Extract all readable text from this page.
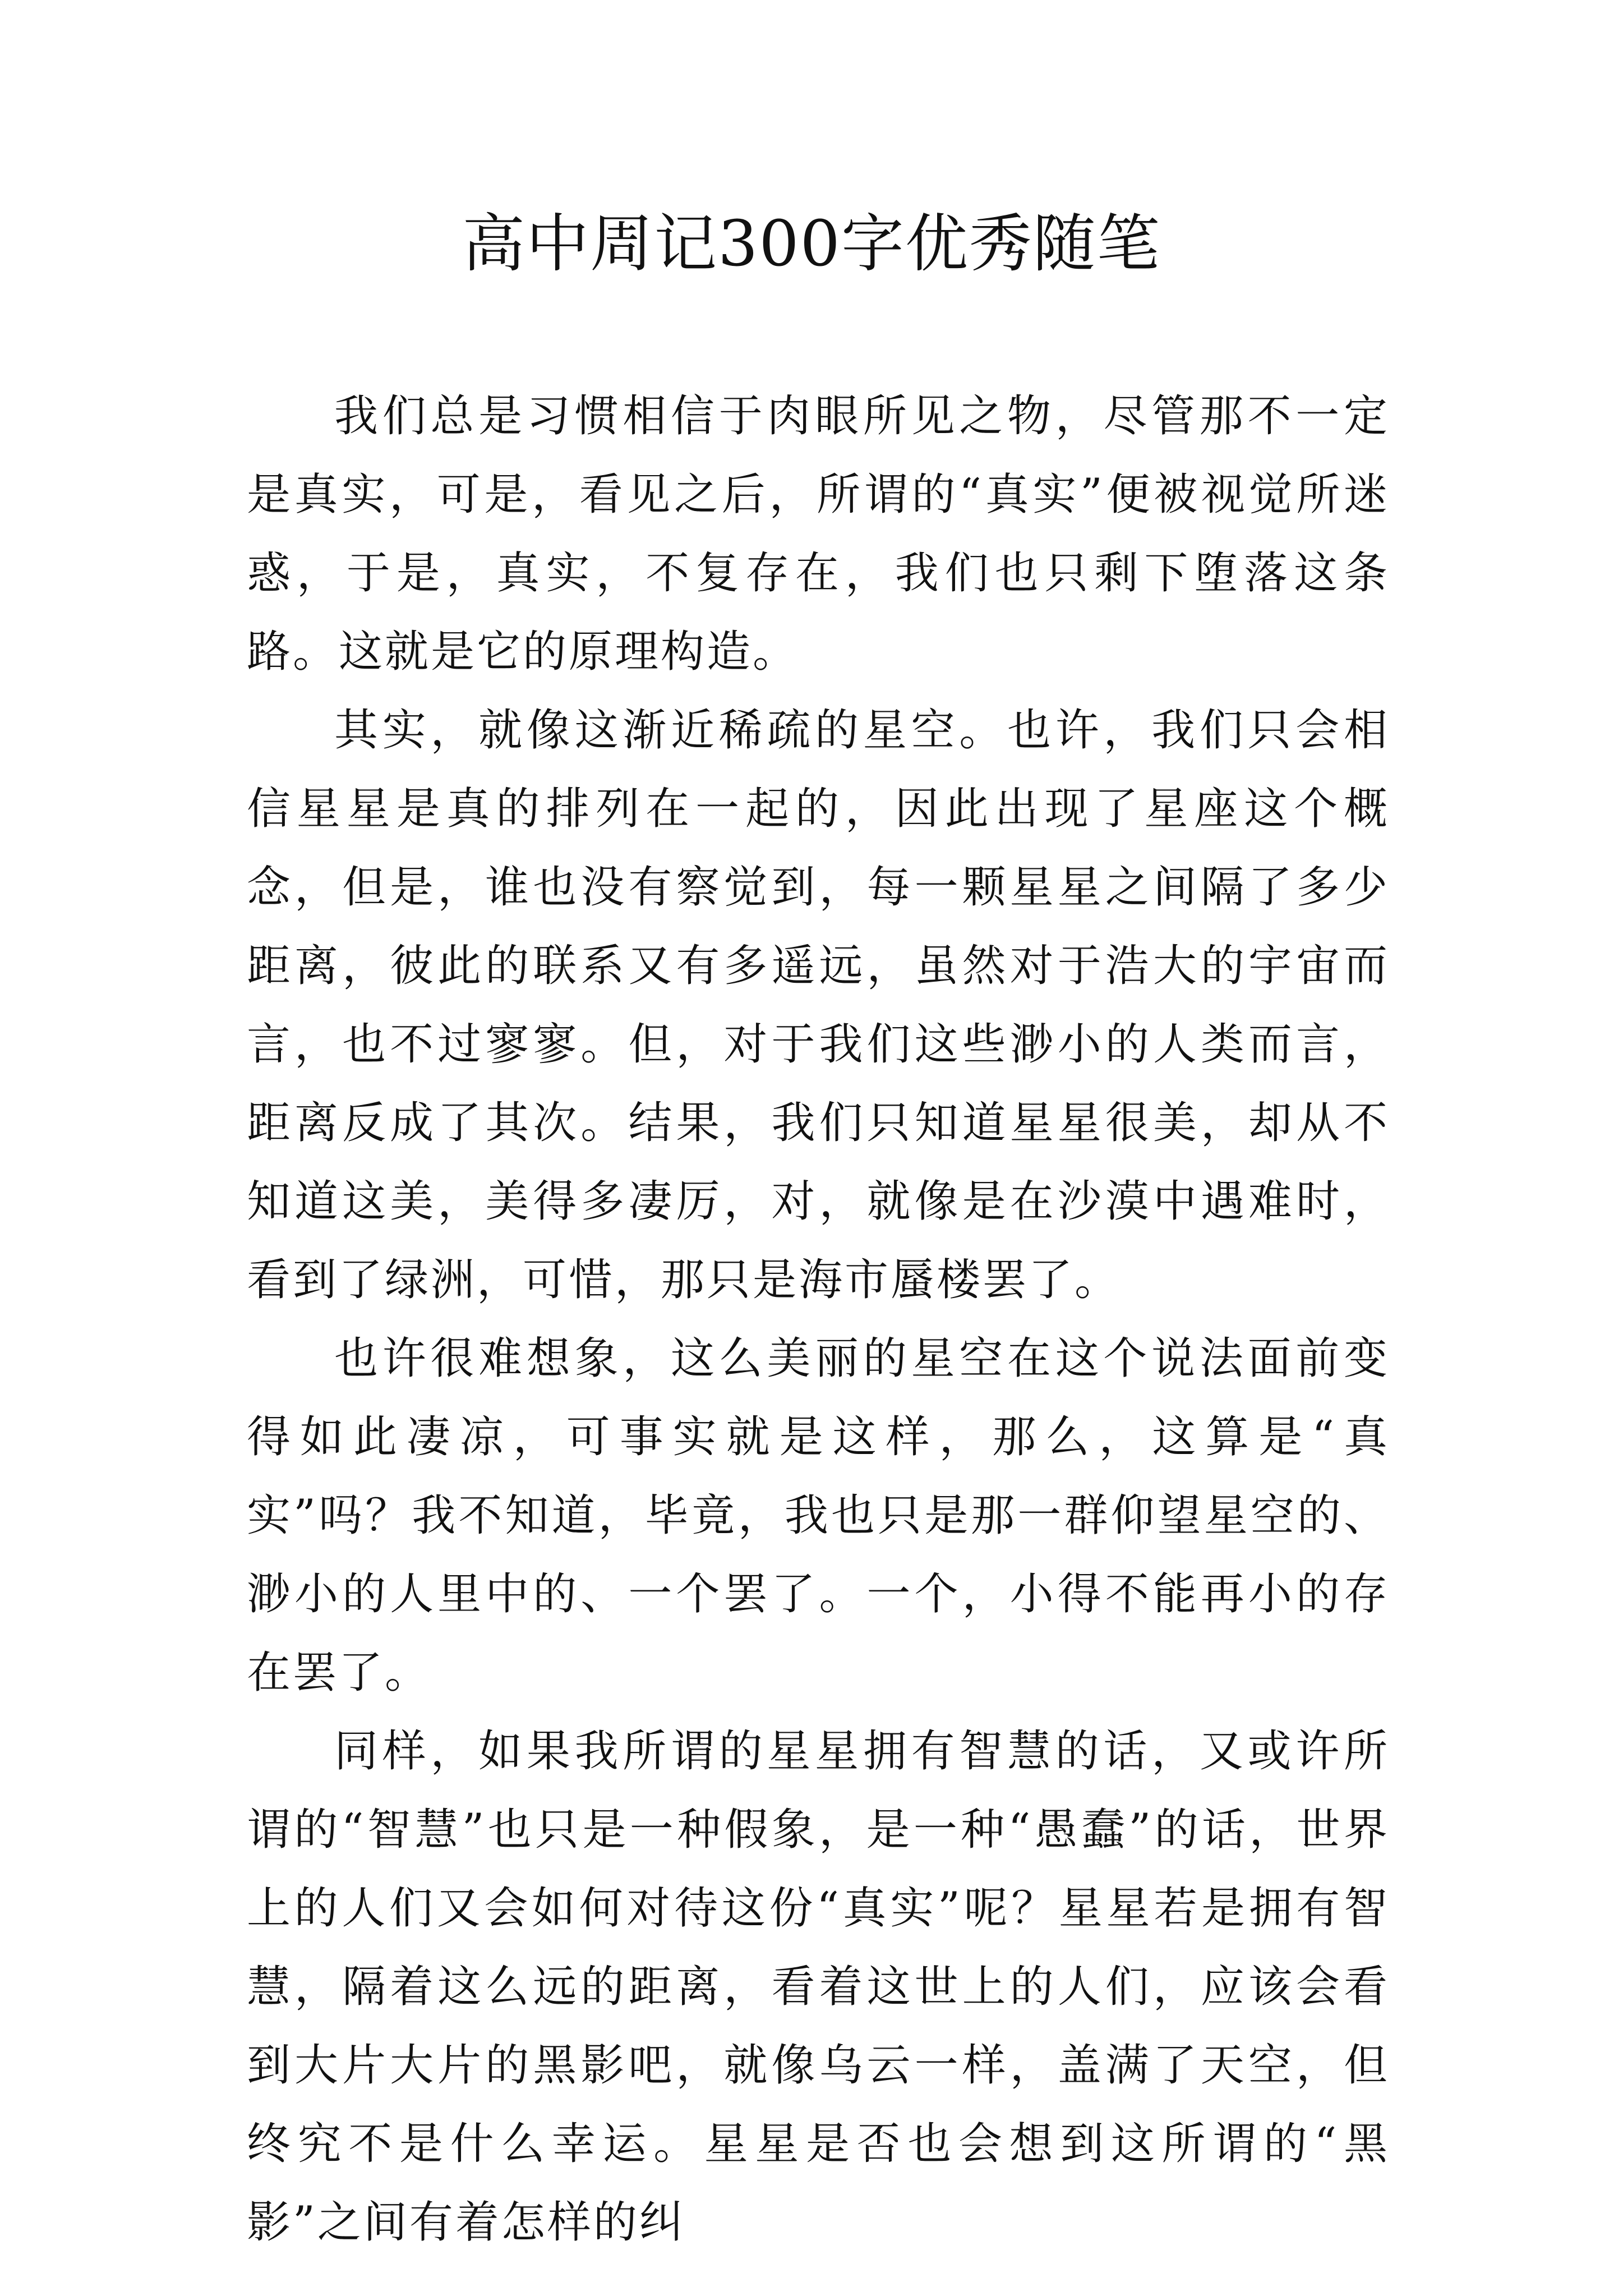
高中周记300字优秀随笔

我们总是习惯相信于肉眼所见之物，尽管那不一定是真实，可是，看见之后，所谓的“真实”便被视觉所迷惑，于是，真实，不复存在，我们也只剩下堕落这条路。这就是它的原理构造。

其实，就像这渐近稀疏的星空。也许，我们只会相信星星是真的排列在一起的，因此出现了星座这个概念，但是，谁也没有察觉到，每一颗星星之间隔了多少距离，彼此的联系又有多遥远，虽然对于浩大的宇宙而言，也不过寥寥。但，对于我们这些渺小的人类而言，距离反成了其次。结果，我们只知道星星很美，却从不知道这美，美得多凄厉，对，就像是在沙漠中遇难时，看到了绿洲，可惜，那只是海市蜃楼罢了。

也许很难想象，这么美丽的星空在这个说法面前变得如此凄凉，可事实就是这样，那么，这算是“真实”吗？我不知道，毕竟，我也只是那一群仰望星空的、渺小的人里中的、一个罢了。一个，小得不能再小的存在罢了。

同样，如果我所谓的星星拥有智慧的话，又或许所谓的“智慧”也只是一种假象，是一种“愚蠢”的话，世界上的人们又会如何对待这份“真实”呢？星星若是拥有智慧，隔着这么远的距离，看着这世上的人们，应该会看到大片大片的黑影吧，就像乌云一样，盖满了天空，但终究不是什么幸运。星星是否也会想到这所谓的“黑影”之间有着怎样的纠
